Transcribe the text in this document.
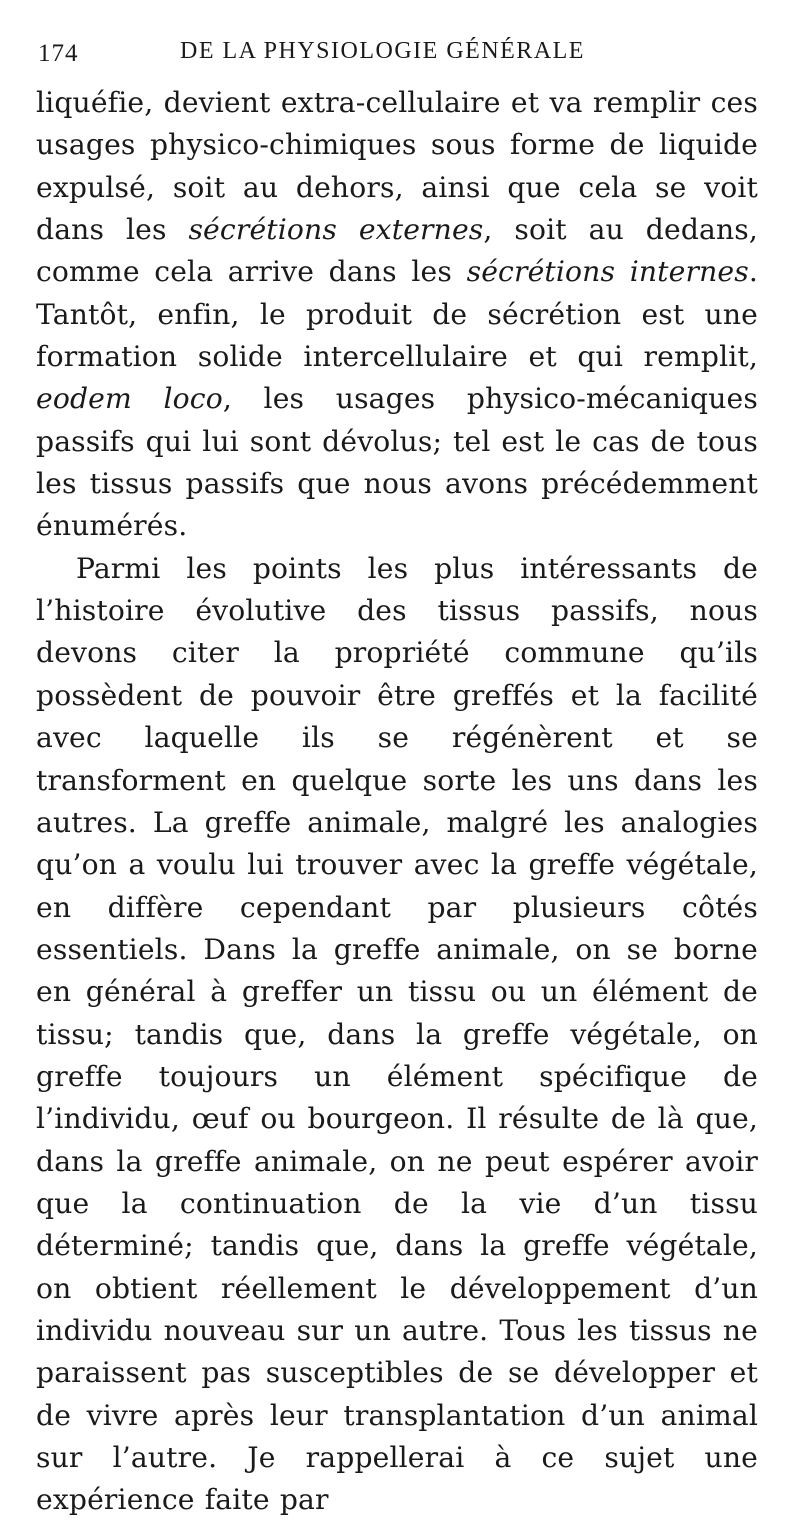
174	DE LA PHYSIOLOGIE GÉNÉRALE

liquéfie, devient extra-cellulaire et va remplir ces usages physico-chimiques sous forme de liquide expulsé, soit au dehors, ainsi que cela se voit dans les sécrétions externes, soit au dedans, comme cela arrive dans les sécrétions internes. Tantôt, enfin, le produit de sécrétion est une formation solide intercellulaire et qui remplit, eodem loco, les usages physico-mécaniques passifs qui lui sont dévolus; tel est le cas de tous les tissus passifs que nous avons précédemment énumérés.

Parmi les points les plus intéressants de l’histoire évolutive des tissus passifs, nous devons citer la propriété commune qu’ils possèdent de pouvoir être greffés et la facilité avec laquelle ils se régénèrent et se transforment en quelque sorte les uns dans les autres. La greffe animale, malgré les analogies qu’on a voulu lui trouver avec la greffe végétale, en diffère cependant par plusieurs côtés essentiels. Dans la greffe animale, on se borne en général à greffer un tissu ou un élément de tissu; tandis que, dans la greffe végétale, on greffe toujours un élément spécifique de l’individu, œuf ou bourgeon. Il résulte de là que, dans la greffe animale, on ne peut espérer avoir que la continuation de la vie d’un tissu déterminé; tandis que, dans la greffe végétale, on obtient réellement le développement d’un individu nouveau sur un autre. Tous les tissus ne paraissent pas susceptibles de se développer et de vivre après leur transplantation d’un animal sur l’autre. Je rappellerai à ce sujet une expérience faite par
